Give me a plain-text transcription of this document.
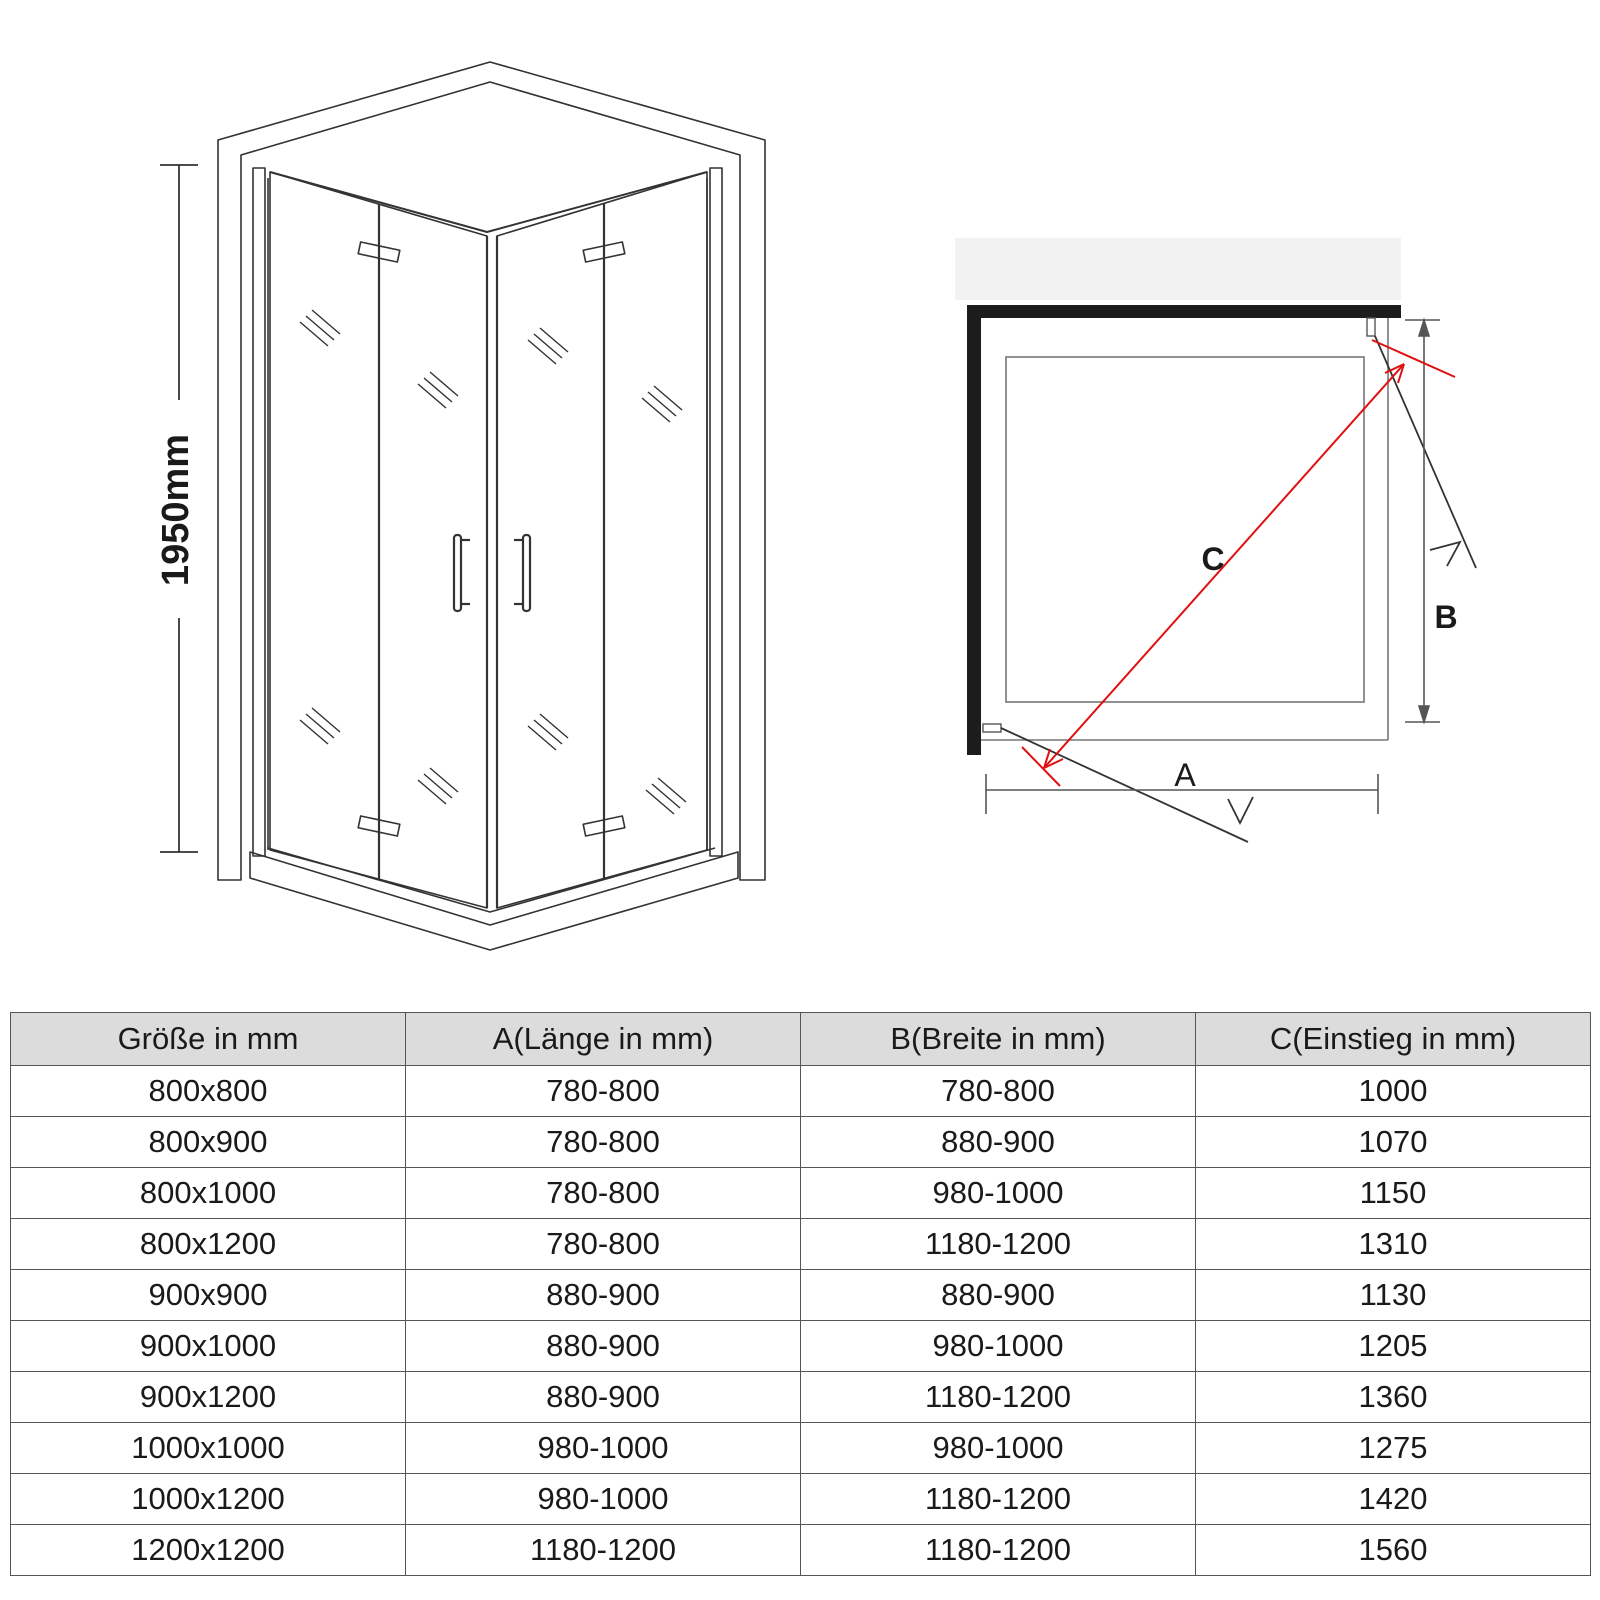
1950mm
A
B
C
Größe in mm	A(Länge in mm)	B(Breite in mm)	C(Einstieg in mm)
800x800	780-800	780-800	1000
800x900	780-800	880-900	1070
800x1000	780-800	980-1000	1150
800x1200	780-800	1180-1200	1310
900x900	880-900	880-900	1130
900x1000	880-900	980-1000	1205
900x1200	880-900	1180-1200	1360
1000x1000	980-1000	980-1000	1275
1000x1200	980-1000	1180-1200	1420
1200x1200	1180-1200	1180-1200	1560
